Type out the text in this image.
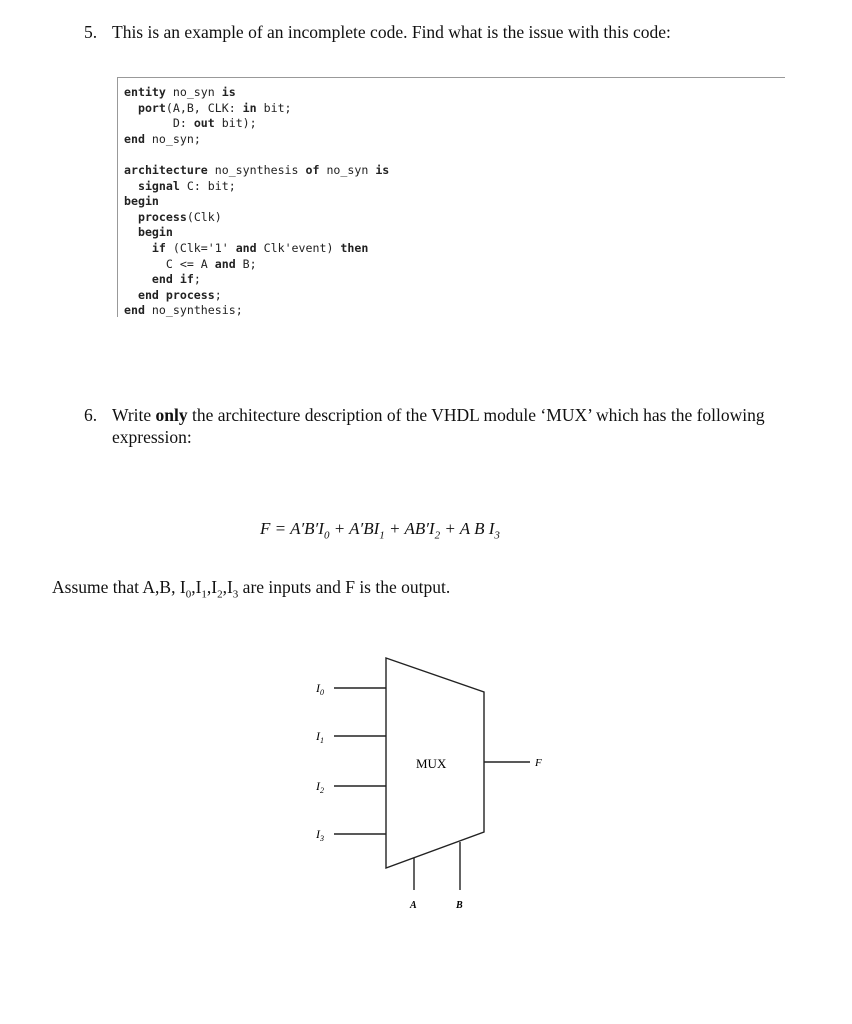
5. This is an example of an incomplete code. Find what is the issue with this code:
entity no_syn is
port(A,B, CLK: in bit;
D: out bit);
end no_syn;
architecture no_synthesis of no_syn is
signal C: bit;
begin
process(Clk)
begin
if (Clk='1' and Clk'event) then
C <= A and B;
end if;
end process;
end no_synthesis;
6. Write only the architecture description of the VHDL module ‘MUX’ which has the following expression:
$F = A'B'I_0 + A'BI_1 + AB'I_2 + A$ B $I_3$
Assume that A,B, $I_0,I_1,I_2,I_3$ are inputs and F is the output.
$I_0$
$I_1$
$I_2$
$I_3$
MUX	F
A	B
